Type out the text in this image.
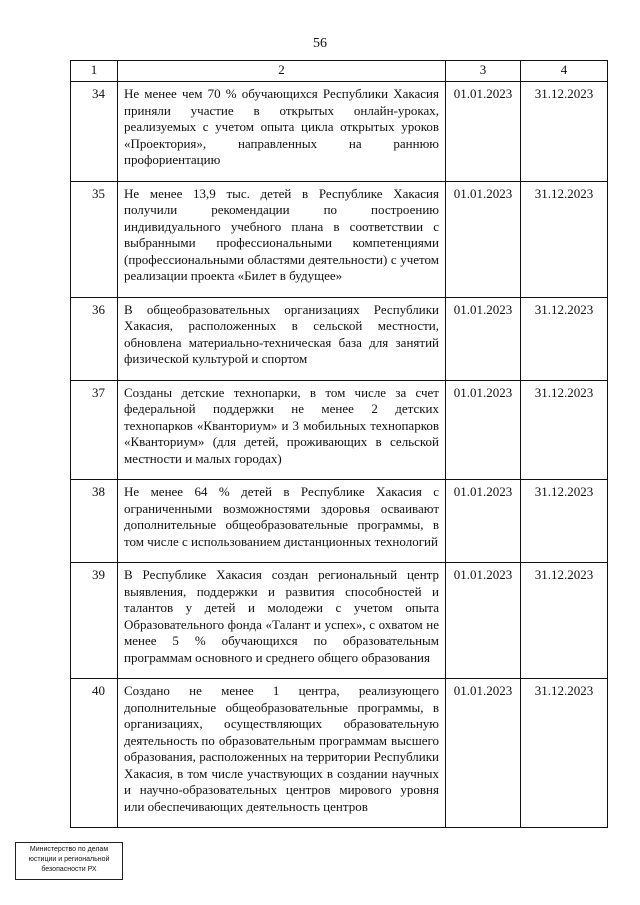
56
1	2	3	4
34	Не менее чем 70 % обучающихся Республики Хакасия приняли участие в открытых онлайн-уроках, реализуемых с учетом опыта цикла открытых уроков «Проектория», направленных на раннюю профориентацию	01.01.2023	31.12.2023
35	Не менее 13,9 тыс. детей в Республике Хакасия получили рекомендации по построению индивидуального учебного плана в соответствии с выбранными профессиональными компетенциями (профессиональными областями деятельности) с учетом реализации проекта «Билет в будущее»	01.01.2023	31.12.2023
36	В общеобразовательных организациях Республики Хакасия, расположенных в сельской местности, обновлена материально-техническая база для занятий физической культурой и спортом	01.01.2023	31.12.2023
37	Созданы детские технопарки, в том числе за счет федеральной поддержки не менее 2 детских технопарков «Кванториум» и 3 мобильных технопарков «Кванториум» (для детей, проживающих в сельской местности и малых городах)	01.01.2023	31.12.2023
38	Не менее 64 % детей в Республике Хакасия с ограниченными возможностями здоровья осваивают дополнительные общеобразовательные программы, в том числе с использованием дистанционных технологий	01.01.2023	31.12.2023
39	В Республике Хакасия создан региональный центр выявления, поддержки и развития способностей и талантов у детей и молодежи с учетом опыта Образовательного фонда «Талант и успех», с охватом не менее 5 % обучающихся по образовательным программам основного и среднего общего образования	01.01.2023	31.12.2023
40	Создано не менее 1 центра, реализующего дополнительные общеобразовательные программы, в организациях, осуществляющих образовательную деятельность по образовательным программам высшего образования, расположенных на территории Республики Хакасия, в том числе участвующих в создании научных и научно-образовательных центров мирового уровня или обеспечивающих деятельность центров	01.01.2023	31.12.2023
Министерство по делам
юстиции и региональной
безопасности РХ
